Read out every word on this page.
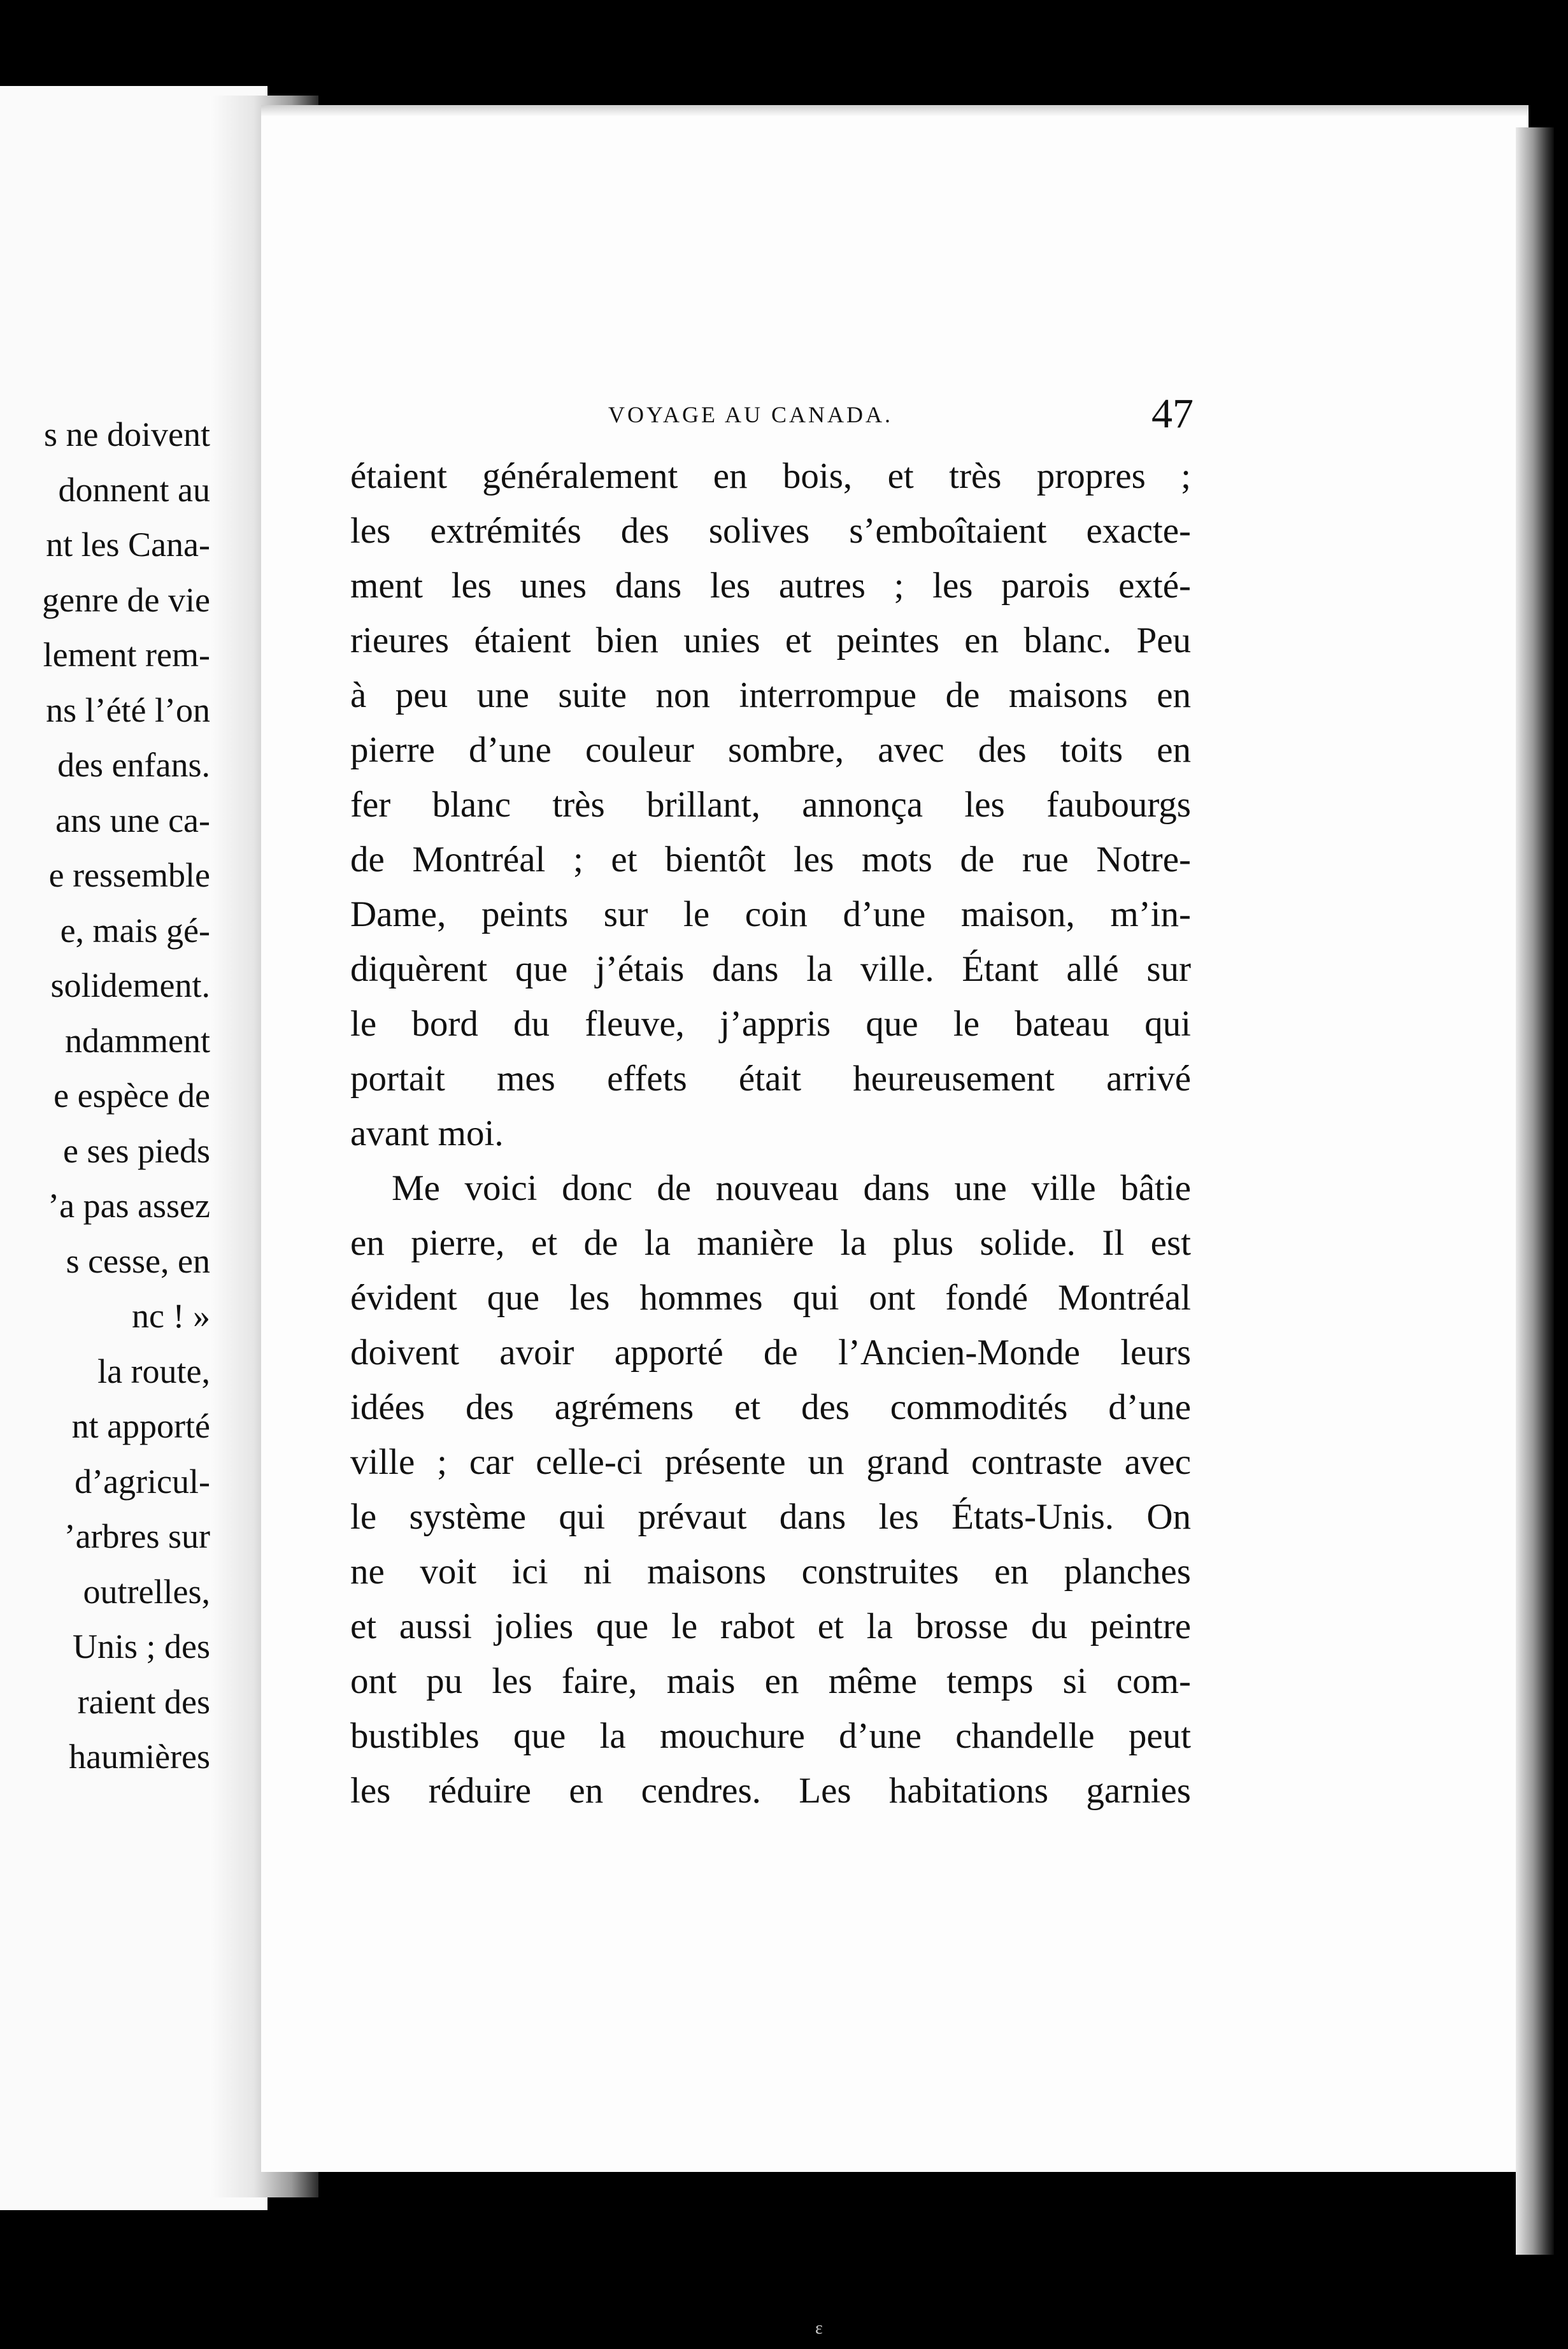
s ne doivent
donnent au
nt les Cana-
genre de vie
lement rem-
ns l’été l’on
des enfans.
ans une ca-
e ressemble
e, mais gé-
solidement.
ndamment
e espèce de
e ses pieds
’a pas assez
s cesse, en
nc ! »
la route,
nt apporté
d’agricul-
’arbres sur
outrelles,
Unis ; des
raient des
haumières
VOYAGE AU CANADA.	47
étaient généralement en bois, et très propres ;
les extrémités des solives s’emboîtaient exacte-
ment les unes dans les autres ; les parois exté-
rieures étaient bien unies et peintes en blanc. Peu
à peu une suite non interrompue de maisons en
pierre d’une couleur sombre, avec des toits en
fer blanc très brillant, annonça les faubourgs
de Montréal ; et bientôt les mots de rue Notre-
Dame, peints sur le coin d’une maison, m’in-
diquèrent que j’étais dans la ville. Étant allé sur
le bord du fleuve, j’appris que le bateau qui
portait mes effets était heureusement arrivé
avant moi.
Me voici donc de nouveau dans une ville bâtie
en pierre, et de la manière la plus solide. Il est
évident que les hommes qui ont fondé Montréal
doivent avoir apporté de l’Ancien-Monde leurs
idées des agrémens et des commodités d’une
ville ; car celle-ci présente un grand contraste avec
le système qui prévaut dans les États-Unis. On
ne voit ici ni maisons construites en planches
et aussi jolies que le rabot et la brosse du peintre
ont pu les faire, mais en même temps si com-
bustibles que la mouchure d’une chandelle peut
les réduire en cendres. Les habitations garnies
ɛ
